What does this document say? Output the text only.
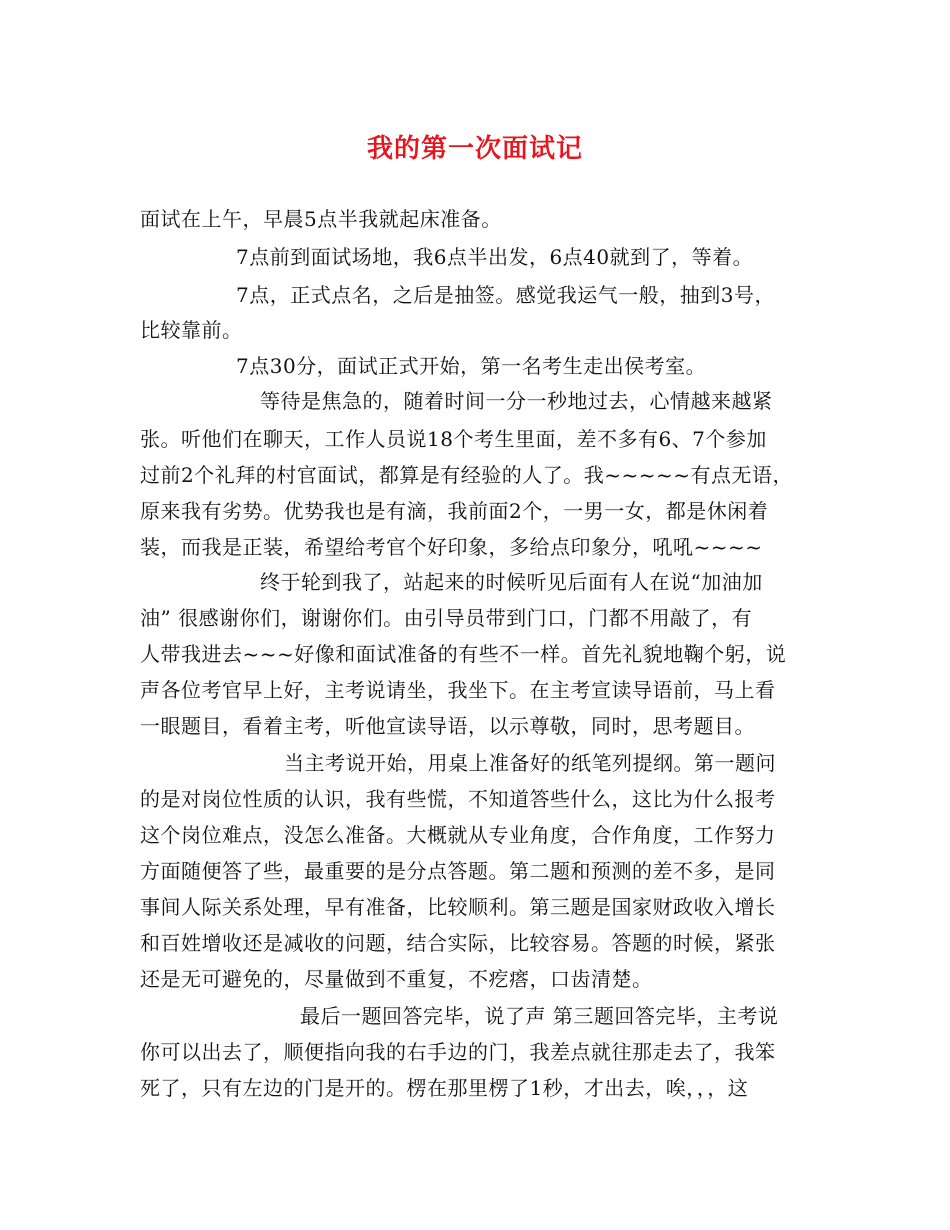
我的第一次面试记
面试在上午，早晨5点半我就起床准备。
7点前到面试场地，我6点半出发，6点40就到了，等着。
7点，正式点名，之后是抽签。感觉我运气一般，抽到3号，
比较靠前。
7点30分，面试正式开始，第一名考生走出侯考室。
等待是焦急的，随着时间一分一秒地过去，心情越来越紧
张。听他们在聊天，工作人员说18个考生里面，差不多有6、7个参加
过前2个礼拜的村官面试，都算是有经验的人了。我~~~~~有点无语，
原来我有劣势。优势我也是有滴，我前面2个，一男一女，都是休闲着
装，而我是正装，希望给考官个好印象，多给点印象分，吼吼~~~~
终于轮到我了，站起来的时候听见后面有人在说“加油加
油” 很感谢你们，谢谢你们。由引导员带到门口，门都不用敲了，有
人带我进去~~~好像和面试准备的有些不一样。首先礼貌地鞠个躬，说
声各位考官早上好，主考说请坐，我坐下。在主考宣读导语前，马上看
一眼题目，看着主考，听他宣读导语，以示尊敬，同时，思考题目。
当主考说开始，用桌上准备好的纸笔列提纲。第一题问
的是对岗位性质的认识，我有些慌，不知道答些什么，这比为什么报考
这个岗位难点，没怎么准备。大概就从专业角度，合作角度，工作努力
方面随便答了些，最重要的是分点答题。第二题和预测的差不多，是同
事间人际关系处理，早有准备，比较顺利。第三题是国家财政收入增长
和百姓增收还是减收的问题，结合实际，比较容易。答题的时候，紧张
还是无可避免的，尽量做到不重复，不疙瘩，口齿清楚。
最后一题回答完毕，说了声 第三题回答完毕，主考说
你可以出去了，顺便指向我的右手边的门，我差点就往那走去了，我笨
死了，只有左边的门是开的。楞在那里楞了1秒，才出去，唉，，，这
